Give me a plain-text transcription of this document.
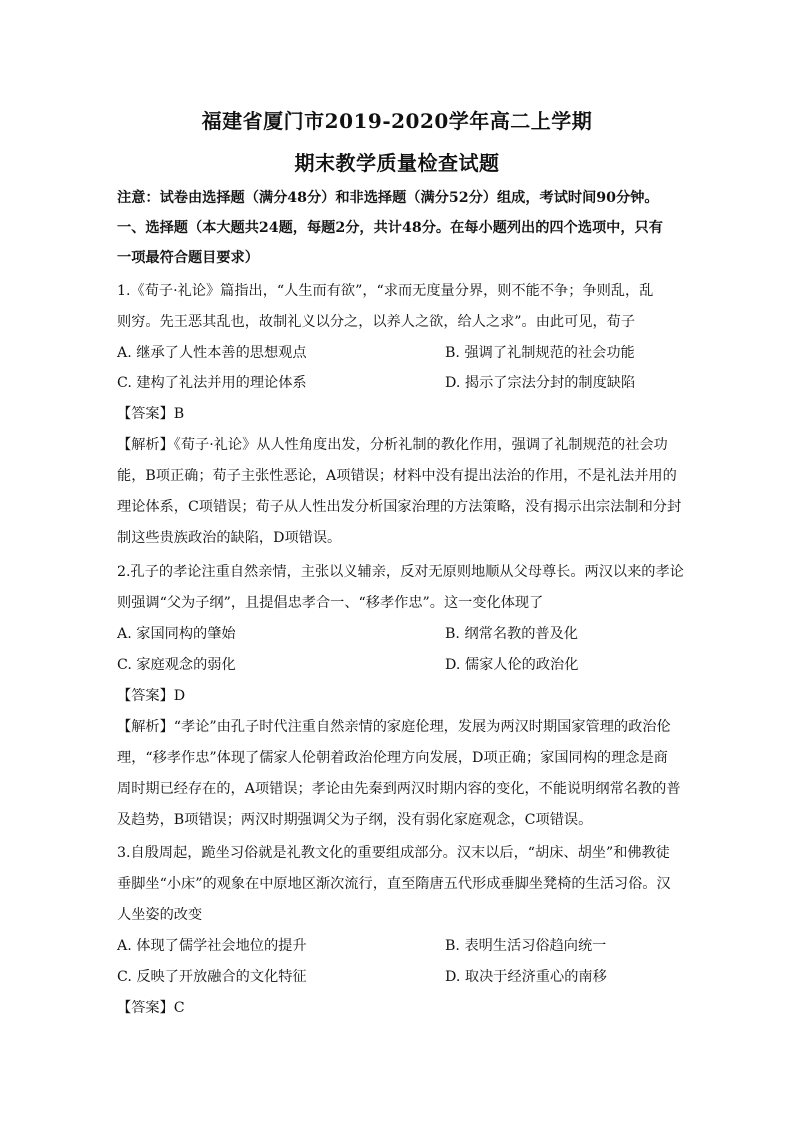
福建省厦门市2019-2020学年高二上学期
期末教学质量检查试题
注意：试卷由选择题（满分48分）和非选择题（满分52分）组成，考试时间90分钟。
一、选择题（本大题共24题，每题2分，共计48分。在每小题列出的四个选项中，只有
一项最符合题目要求）
1.《荀子·礼论》篇指出，“人生而有欲”，“求而无度量分界，则不能不争；争则乱，乱
则穷。先王恶其乱也，故制礼义以分之，以养人之欲，给人之求”。由此可见，荀子
A. 继承了人性本善的思想观点	B. 强调了礼制规范的社会功能
C. 建构了礼法并用的理论体系	D. 揭示了宗法分封的制度缺陷
【答案】B
【解析】《荀子·礼论》从人性角度出发，分析礼制的教化作用，强调了礼制规范的社会功
能，B项正确；荀子主张性恶论，A项错误；材料中没有提出法治的作用，不是礼法并用的
理论体系，C项错误；荀子从人性出发分析国家治理的方法策略，没有揭示出宗法制和分封
制这些贵族政治的缺陷，D项错误。
2.孔子的孝论注重自然亲情，主张以义辅亲，反对无原则地顺从父母尊长。两汉以来的孝论
则强调“父为子纲”，且提倡忠孝合一、“移孝作忠”。这一变化体现了
A. 家国同构的肇始	B. 纲常名教的普及化
C. 家庭观念的弱化	D. 儒家人伦的政治化
【答案】D
【解析】“孝论”由孔子时代注重自然亲情的家庭伦理，发展为两汉时期国家管理的政治伦
理，“移孝作忠”体现了儒家人伦朝着政治伦理方向发展，D项正确；家国同构的理念是商
周时期已经存在的，A项错误；孝论由先秦到两汉时期内容的变化，不能说明纲常名教的普
及趋势，B项错误；两汉时期强调父为子纲，没有弱化家庭观念，C项错误。
3.自殷周起，跪坐习俗就是礼教文化的重要组成部分。汉末以后，“胡床、胡坐”和佛教徒
垂脚坐“小床”的观象在中原地区渐次流行，直至隋唐五代形成垂脚坐凳椅的生活习俗。汉
人坐姿的改变
A. 体现了儒学社会地位的提升	B. 表明生活习俗趋向统一
C. 反映了开放融合的文化特征	D. 取决于经济重心的南移
【答案】C
